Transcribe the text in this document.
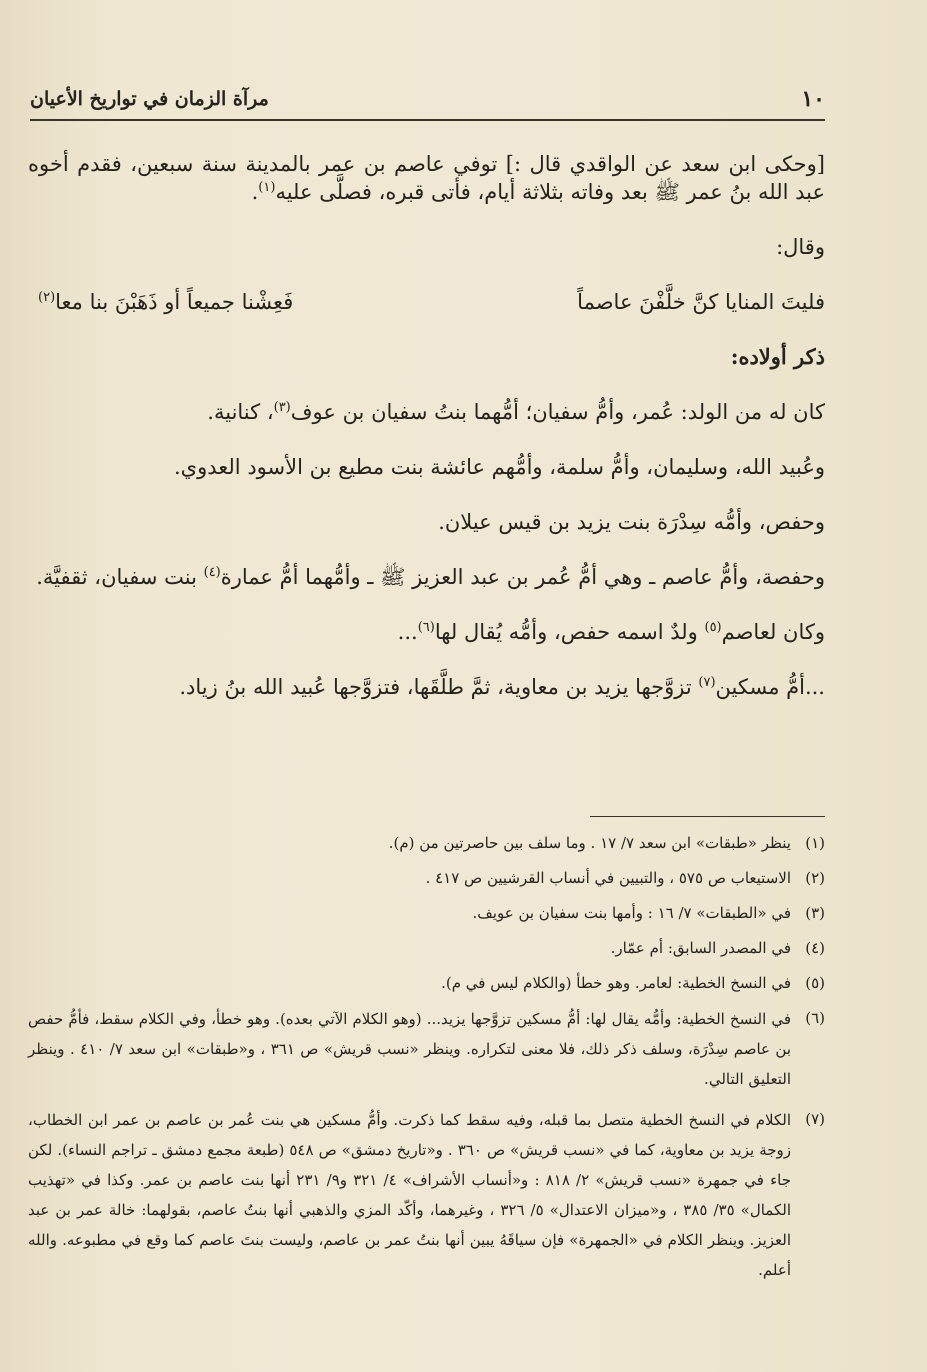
١٠
مرآة الزمان في تواريخ الأعيان

[وحكى ابن سعد عن الواقدي قال :] توفي عاصم بن عمر بالمدينة سنة سبعين، فقدم أخوه عبد الله بنُ عمر ﷺ بعد وفاته بثلاثة أيام، فأتى قبره، فصلَّى عليه$^{(١)}$.

وقال:

فليتَ المنايا كنَّ خلَّفْنَ عاصماً
فَعِشْنا جميعاً أو ذَهَبْنَ بنا معا$^{(٢)}$

ذكر أولاده:

كان له من الولد: عُمر، وأمُّ سفيان؛ أمُّهما بنتُ سفيان بن عوف$^{(٣)}$، كنانية.

وعُبيد الله، وسليمان، وأمُّ سلمة، وأمُّهم عائشة بنت مطيع بن الأسود العدوي.

وحفص، وأمُّه سِدْرَة بنت يزيد بن قيس عيلان.

وحفصة، وأمُّ عاصم ـ وهي أمُّ عُمر بن عبد العزيز ﷺ ـ وأمُّهما أمُّ عمارة$^{(٤)}$ بنت سفيان، ثقفيَّة.

وكان لعاصم$^{(٥)}$ ولدٌ اسمه حفص، وأمُّه يُقال لها$^{(٦)}$...

...أمُّ مسكين$^{(٧)}$ تزوَّجها يزيد بن معاوية، ثمَّ طلَّقَها، فتزوَّجها عُبيد الله بنُ زياد.

(١)
ينظر «طبقات» ابن سعد ٧/ ١٧ . وما سلف بين حاصرتين من (م).
(٢)
الاستيعاب ص ٥٧٥ ، والتبيين في أنساب القرشيين ص ٤١٧ .
(٣)
في «الطبقات» ٧/ ١٦ : وأمها بنت سفيان بن عويف.
(٤)
في المصدر السابق: أم عمّار.
(٥)
في النسخ الخطية: لعامر. وهو خطأ (والكلام ليس في م).
(٦)
في النسخ الخطية: وأمُّه يقال لها: أمُّ مسكين تزوَّجها يزيد... (وهو الكلام الآتي بعده). وهو خطأ، وفي الكلام سقط، فأمُّ حفص بن عاصم سِدْرَة، وسلف ذكر ذلك، فلا معنى لتكراره. وينظر «نسب قريش» ص ٣٦١ ، و«طبقات» ابن سعد ٧/ ٤١٠ . وينظر التعليق التالي.
(٧)
الكلام في النسخ الخطية متصل بما قبله، وفيه سقط كما ذكرت. وأمُّ مسكين هي بنت عُمر بن عاصم بن عمر ابن الخطاب، زوجة يزيد بن معاوية، كما في «نسب قريش» ص ٣٦٠ . و«تاريخ دمشق» ص ٥٤٨ (طبعة مجمع دمشق ـ تراجم النساء). لكن جاء في جمهرة «نسب قريش» ٢/ ٨١٨ : و«أنساب الأشراف» ٤/ ٣٢١ و٩/ ٢٣١ أنها بنت عاصم بن عمر. وكذا في «تهذيب الكمال» ٣٥/ ٣٨٥ ، و«ميزان الاعتدال» ٥/ ٣٢٦ ، وغيرهما، وأكّد المزي والذهبي أنها بنتُ عاصم، بقولهما: خالة عمر بن عبد العزيز. وينظر الكلام في «الجمهرة» فإن سياقَهُ يبين أنها بنتُ عمر بن عاصم، وليست بنتَ عاصم كما وقع في مطبوعه. والله أعلم.
